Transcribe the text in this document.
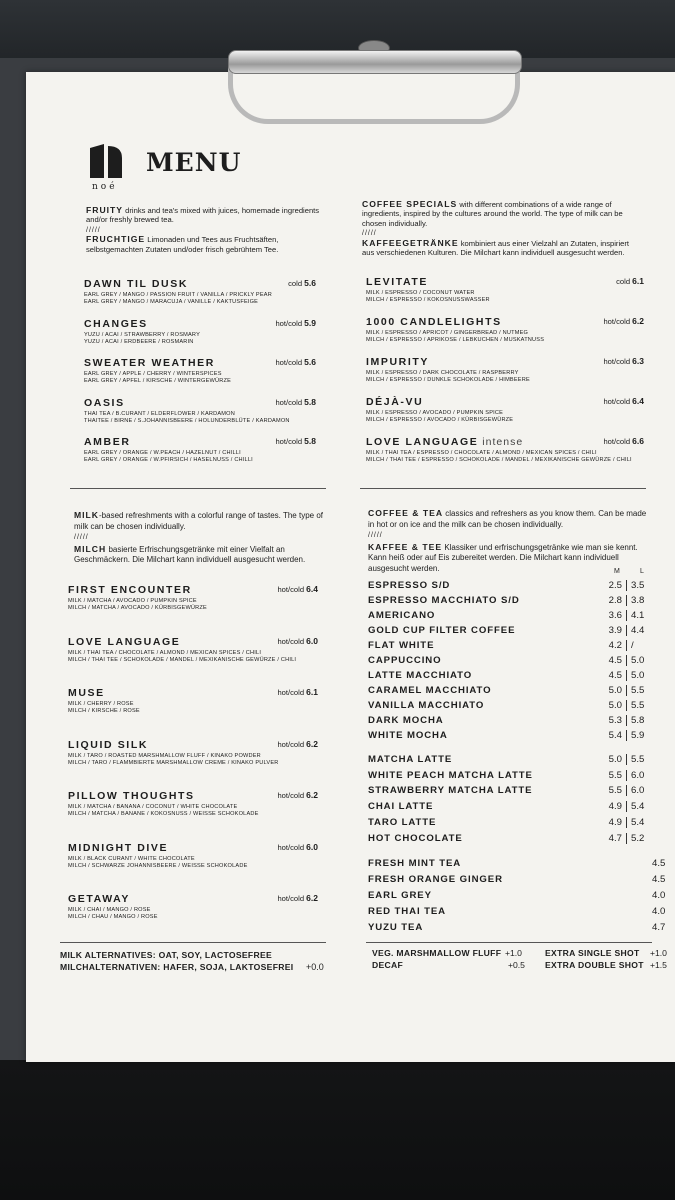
MENU
noé
FRUITY drinks and tea's mixed with juices, homemade ingredients and/or freshly brewed tea.
/////
FRUCHTIGE Limonaden und Tees aus Fruchtsäften, selbstgemachten Zutaten und/oder frisch gebrühtem Tee.
DAWN TIL DUSK	cold 5.6
EARL GREY / MANGO / PASSION FRUIT / VANILLA / PRICKLY PEAR
EARL GREY / MANGO / MARACUJA / VANILLE / KAKTUSFEIGE
CHANGES	hot/cold 5.9
YUZU / ACAI / STRAWBERRY / ROSMARY
YUZU / ACAI / ERDBEERE / ROSMARIN
SWEATER WEATHER	hot/cold 5.6
EARL GREY / APPLE / CHERRY / WINTERSPICES
EARL GREY / APFEL / KIRSCHE / WINTERGEWÜRZE
OASIS	hot/cold 5.8
THAI TEA / B.CURANT / ELDERFLOWER / KARDAMON
THAITEE / BIRNE / S.JOHANNISBEERE / HOLUNDERBLÜTE / KARDAMON
AMBER	hot/cold 5.8
EARL GREY / ORANGE / W.PEACH / HAZELNUT / CHILLI
EARL GREY / ORANGE / W.PFIRSICH / HASELNUSS / CHILLI
COFFEE SPECIALS with different combinations of a wide range of ingredients, inspired by the cultures around the world. The type of milk can be chosen individually.
/////
KAFFEEGETRÄNKE kombiniert aus einer Vielzahl an Zutaten, inspiriert aus verschiedenen Kulturen. Die Milchart kann individuell ausgesucht werden.
LEVITATE	cold 6.1
MILK / ESPRESSO / COCONUT WATER
MILCH / ESPRESSO / KOKOSNUSSWASSER
1000 CANDLELIGHTS	hot/cold 6.2
MILK / ESPRESSO / APRICOT / GINGERBREAD / NUTMEG
MILCH / ESPRESSO / APRIKOSE / LEBKUCHEN / MUSKATNUSS
IMPURITY	hot/cold 6.3
MILK / ESPRESSO / DARK CHOCOLATE / RASPBERRY
MILCH / ESPRESSO / DUNKLE SCHOKOLADE / HIMBEERE
DÉJÀ-VU	hot/cold 6.4
MILK / ESPRESSO / AVOCADO / PUMPKIN SPICE
MILCH / ESPRESSO / AVOCADO / KÜRBISGEWÜRZE
LOVE LANGUAGE intense	hot/cold 6.6
MILK / THAI TEA / ESPRESSO / CHOCOLATE / ALMOND / MEXICAN SPICES / CHILI
MILCH / THAI TEE / ESPRESSO / SCHOKOLADE / MANDEL / MEXIKANISCHE GEWÜRZE / CHILI
MILK-based refreshments with a colorful range of tastes. The type of milk can be chosen individually.
/////
MILCH basierte Erfrischungsgetränke mit einer Vielfalt an Geschmäckern. Die Milchart kann individuell ausgesucht werden.
FIRST ENCOUNTER	hot/cold 6.4
MILK / MATCHA / AVOCADO / PUMPKIN SPICE
MILCH / MATCHA / AVOCADO / KÜRBISGEWÜRZE
LOVE LANGUAGE	hot/cold 6.0
MILK / THAI TEA / CHOCOLATE / ALMOND / MEXICAN SPICES / CHILI
MILCH / THAI TEE / SCHOKOLADE / MANDEL / MEXIKANISCHE GEWÜRZE / CHILI
MUSE	hot/cold 6.1
MILK / CHERRY / ROSE
MILCH / KIRSCHE / ROSE
LIQUID SILK	hot/cold 6.2
MILK / TARO / ROASTED MARSHMALLOW FLUFF / KINAKO POWDER
MILCH / TARO / FLAMMBIERTE MARSHMALLOW CREME / KINAKO PULVER
PILLOW THOUGHTS	hot/cold 6.2
MILK / MATCHA / BANANA / COCONUT / WHITE CHOCOLATE
MILCH / MATCHA / BANANE / KOKOSNUSS / WEISSE SCHOKOLADE
MIDNIGHT DIVE	hot/cold 6.0
MILK / BLACK CURANT / WHITE CHOCOLATE
MILCH / SCHWARZE JOHANNISBEERE / WEISSE SCHOKOLADE
GETAWAY	hot/cold 6.2
MILK / CHAI / MANGO / ROSE
MILCH / CHAU / MANGO / ROSE
MILK ALTERNATIVES: OAT, SOY, LACTOSEFREE
MILCHALTERNATIVEN: HAFER, SOJA, LAKTOSEFREI +0.0
COFFEE & TEA classics and refreshers as you know them. Can be made in hot or on ice and the milk can be chosen individually.
/////
KAFFEE & TEE Klassiker und erfrischungsgetränke wie man sie kennt. Kann heiß oder auf Eis zubereitet werden. Die Milchart kann individuell ausgesucht werden.	M	L
ESPRESSO S/D	2.5 3.5
ESPRESSO MACCHIATO S/D	2.8 3.8
AMERICANO	3.6 4.1
GOLD CUP FILTER COFFEE	3.9 4.4
FLAT WHITE	4.2 /
CAPPUCCINO	4.5 5.0
LATTE MACCHIATO	4.5 5.0
CARAMEL MACCHIATO	5.0 5.5
VANILLA MACCHIATO	5.0 5.5
DARK MOCHA	5.3 5.8
WHITE MOCHA	5.4 5.9
MATCHA LATTE	5.0 5.5
WHITE PEACH MATCHA LATTE	5.5 6.0
STRAWBERRY MATCHA LATTE	5.5 6.0
CHAI LATTE	4.9 5.4
TARO LATTE	4.9 5.4
HOT CHOCOLATE	4.7 5.2
FRESH MINT TEA	4.5
FRESH ORANGE GINGER	4.5
EARL GREY	4.0
RED THAI TEA	4.0
YUZU TEA	4.7
VEG. MARSHMALLOW FLUFF +1.0
DECAF	+0.5
EXTRA SINGLE SHOT +1.0
EXTRA DOUBLE SHOT +1.5
